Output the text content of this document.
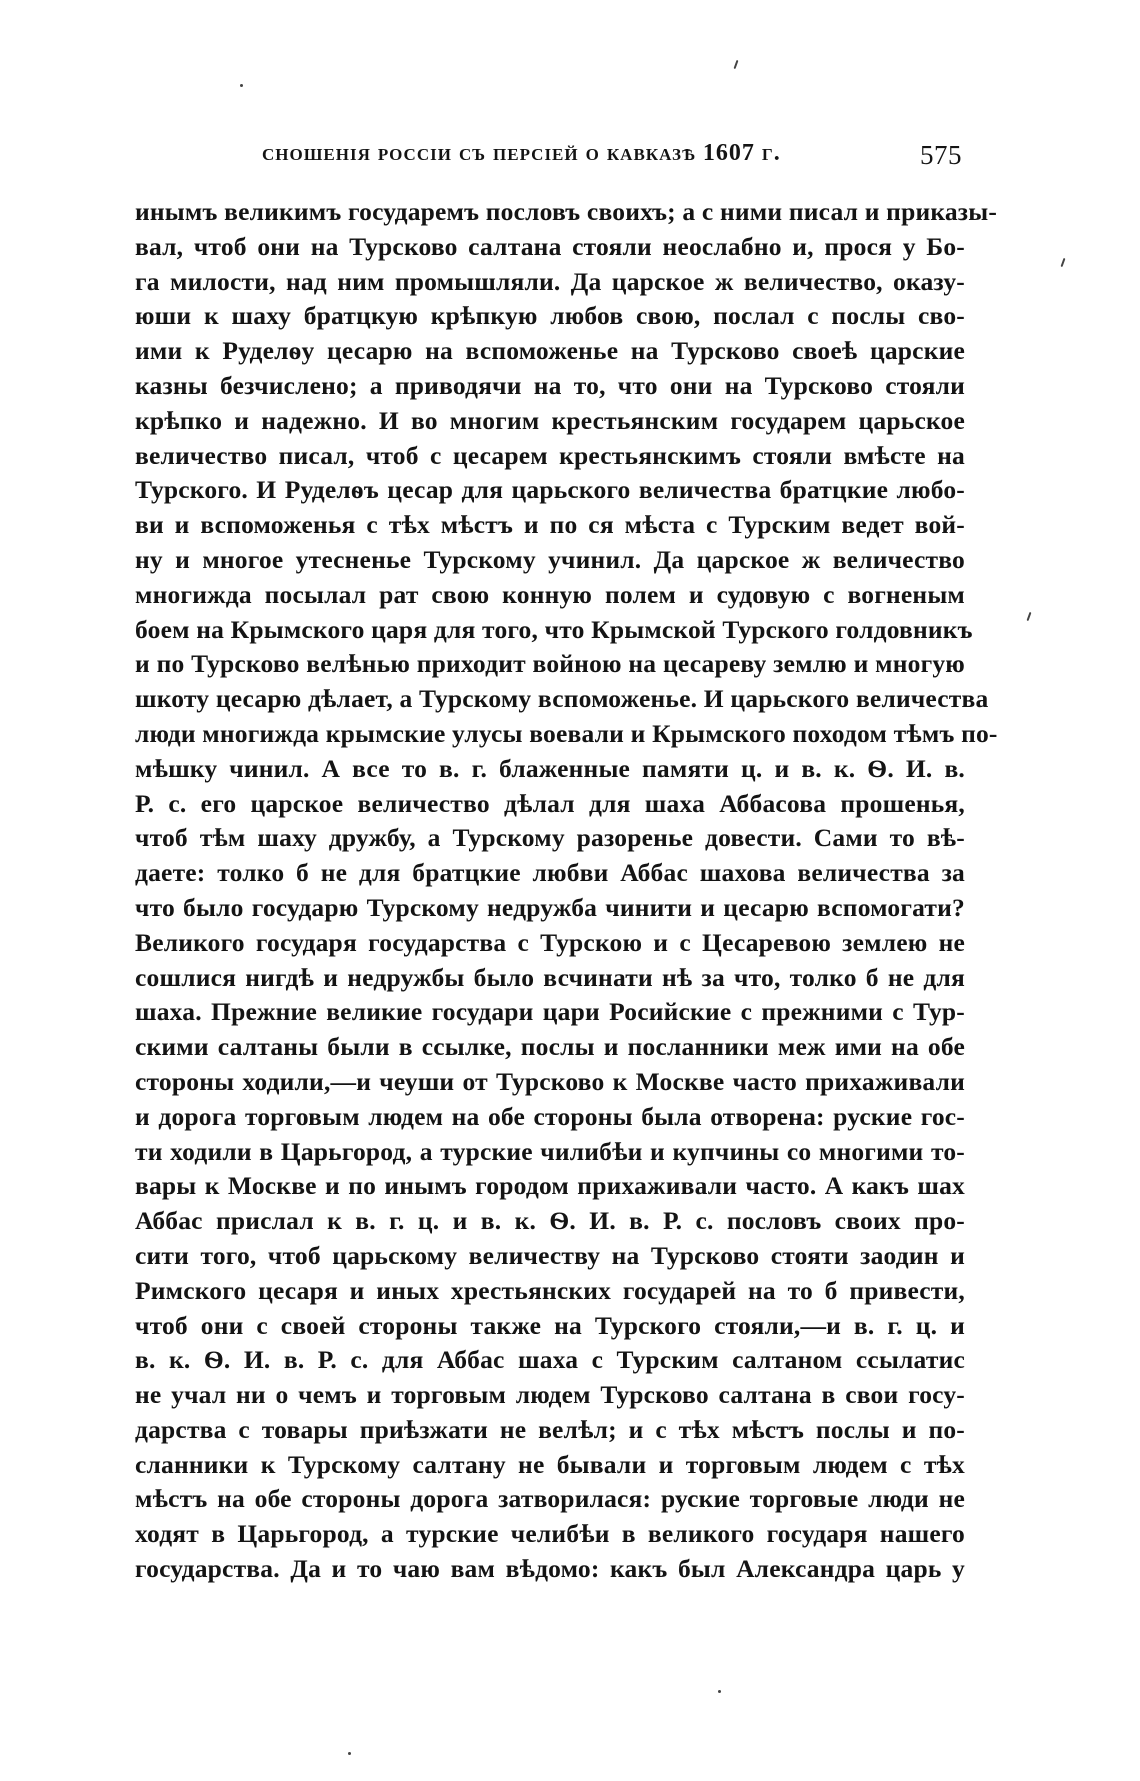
сношенія россіи съ персіей о кавказѣ 1607 г.	575
инымъ великимъ государемъ пословъ своихъ; а с ними писал и приказы-
вал, чтоб они на Турсково салтана стояли неослабно и, прося у Бо-
га милости, над ним промышляли. Да царское ж величество, оказу-
юши к шаху братцкую крѣпкую любов свою, послал с послы сво-
ими к Руделѳу цесарю на вспоможенье на Турсково своеѣ царские
казны безчислено; а приводячи на то, что они на Турсково стояли
крѣпко и надежно. И во многим крестьянским государем царьское
величество писал, чтоб с цесарем крестьянскимъ стояли вмѣсте на
Турского. И Руделѳъ цесар для царьского величества братцкие любо-
ви и вспоможенья с тѣх мѣстъ и по ся мѣста с Турским ведет вой-
ну и многое утесненье Турскому учинил. Да царское ж величество
многижда посылал рат свою конную полем и судовую с вогненым
боем на Крымского царя для того, что Крымской Турского голдовникъ
и по Турсково велѣнью приходит войною на цесареву землю и многую
шкоту цесарю дѣлает, а Турскому вспоможенье. И царьского величества
люди многижда крымские улусы воевали и Крымского походом тѣмъ по-
мѣшку чинил. А все то в. г. блаженные памяти ц. и в. к. Ѳ. И. в.
Р. с. его царское величество дѣлал для шаха Аббасова прошенья,
чтоб тѣм шаху дружбу, а Турскому разоренье довести. Сами то вѣ-
даете: толко б не для братцкие любви Аббас шахова величества за
что было государю Турскому недружба чинити и цесарю вспомогати?
Великого государя государства с Турскою и с Цесаревою землею не
сошлися нигдѣ и недружбы было всчинати нѣ за что, толко б не для
шаха. Прежние великие государи цари Росийские с прежними с Тур-
скими салтаны были в ссылке, послы и посланники меж ими на обе
стороны ходили,—и чеуши от Турсково к Москве часто прихаживали
и дорога торговым людем на обе стороны была отворена: руские гос-
ти ходили в Царьгород, а турские чилибѣи и купчины со многими то-
вары к Москве и по инымъ городом прихаживали часто. А какъ шах
Аббас прислал к в. г. ц. и в. к. Ѳ. И. в. Р. с. пословъ своих про-
сити того, чтоб царьскому величеству на Турсково стояти заодин и
Римского цесаря и иных хрестьянских государей на то б привести,
чтоб они с своей стороны также на Турского стояли,—и в. г. ц. и
в. к. Ѳ. И. в. Р. с. для Аббас шаха с Турским салтаном ссылатис
не учал ни о чемъ и торговым людем Турсково салтана в свои госу-
дарства с товары приѣзжати не велѣл; и с тѣх мѣстъ послы и по-
сланники к Турскому салтану не бывали и торговым людем с тѣх
мѣстъ на обе стороны дорога затворилася: руские торговые люди не
ходят в Царьгород, а турские челибѣи в великого государя нашего
государства. Да и то чаю вам вѣдомо: какъ был Александра царь у
